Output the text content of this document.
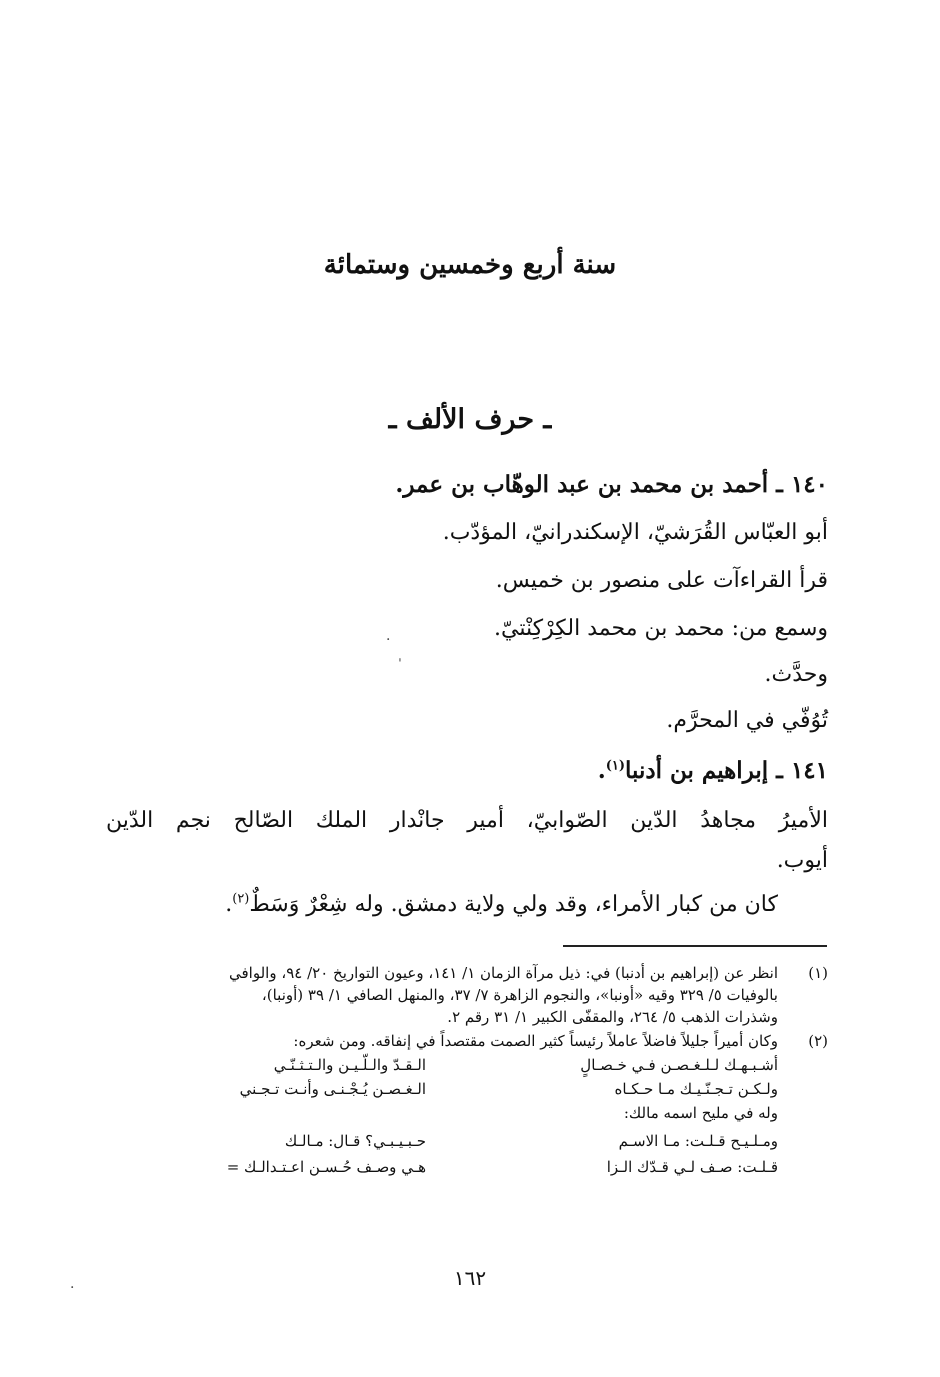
سنة أربع وخمسين وستمائة
ـ حرف الألف ـ
١٤٠ ـ أحمد بن محمد بن عبد الوهّاب بن عمر.
أبو العبّاس القُرَشيّ، الإسكندرانيّ، المؤدّب.
قرأ القراءآت على منصور بن خميس.
وسمع من: محمد بن محمد الكِرْكِنْتيّ.
وحدَّث.
تُوُفّي في المحرَّم.
١٤١ ـ إبراهيم بن أدنبا$^{(١)}$.
الأميرُ مجاهدُ الدّين الصّوابيّ، أمير جانْدار الملك الصّالح نجم الدّين
أيوب.
كان من كبار الأمراء، وقد ولي ولاية دمشق. وله شِعْرٌ وَسَطٌ$^{(٢)}$.
(١)
انظر عن (إبراهيم بن أدنبا) في: ذيل مرآة الزمان ١/ ١٤١، وعيون التواريخ ٢٠/ ٩٤، والوافي
بالوفيات ٥/ ٣٢٩ وقيه «أونبا»، والنجوم الزاهرة ٧/ ٣٧، والمنهل الصافي ١/ ٣٩ (أونبا)،
وشذرات الذهب ٥/ ٢٦٤، والمقفّى الكبير ١/ ٣١ رقم ٢.
(٢)
وكان أميراً جليلاً فاضلاً عاملاً رئيساً كثير الصمت مقتصداً في إنفاقه. ومن شعره:
أشـبـهـك لـلـغـصـن فـي خـصـالٍ
الـقـدّ والـلّـيـن والـتـثـنّـي
ولـكـن تـجـنّـيـك مـا حـكـاه
الـغـصـن يُـجْـنـى وأنـت تـجـني
وله في مليح اسمه مالك:
ومـلـيـح قـلـت: مـا الاسـم
حـبـيـبـي؟ قـال: مـالـك
قـلـت: صـف لـي قـدّك الـزا
هـي وصـف حُـسـن اعـتـدالـك =
١٦٢
·
ˌ
·
